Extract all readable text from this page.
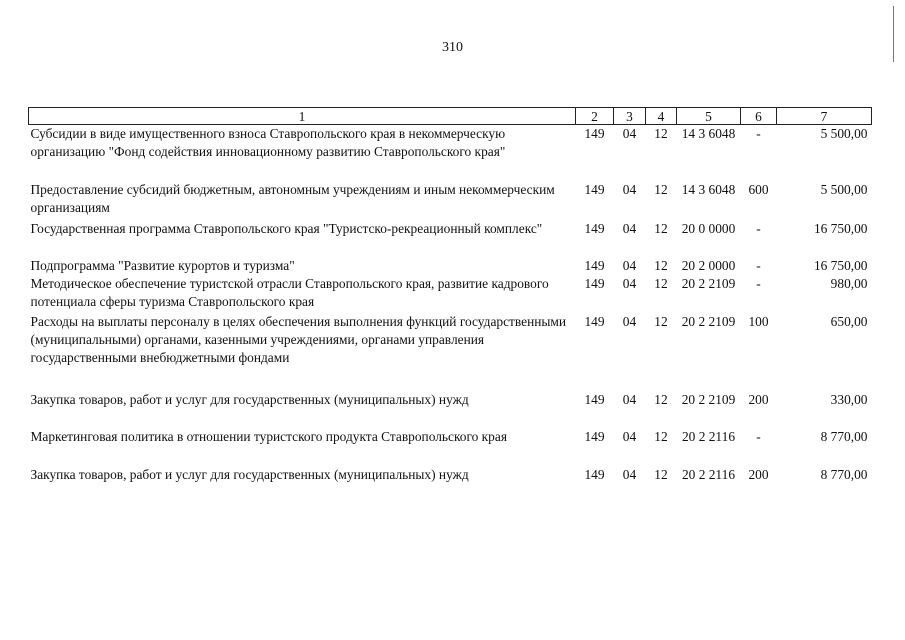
310
1	2	3	4	5	6	7
Субсидии в виде имущественного взноса Ставропольского края в некоммерческую организацию "Фонд содействия инновационному развитию Ставропольского края"	149	04	12	14 3 6048	-	5 500,00
Предоставление субсидий бюджетным, автономным учреждениям и иным некоммерческим организациям	149	04	12	14 3 6048	600	5 500,00
Государственная программа Ставропольского края "Туристско-рекреационный комплекс"	149	04	12	20 0 0000	-	16 750,00
Подпрограмма "Развитие курортов и туризма"	149	04	12	20 2 0000	-	16 750,00
Методическое обеспечение туристской отрасли Ставропольского края, развитие кадрового потенциала сферы туризма Ставропольского края	149	04	12	20 2 2109	-	980,00
Расходы на выплаты персоналу в целях обеспечения выполнения функций государственными (муниципальными) органами, казенными учреждениями, органами управления государственными внебюджетными фондами	149	04	12	20 2 2109	100	650,00
Закупка товаров, работ и услуг для государственных (муниципальных) нужд	149	04	12	20 2 2109	200	330,00
Маркетинговая политика в отношении туристского продукта Ставропольского края	149	04	12	20 2 2116	-	8 770,00
Закупка товаров, работ и услуг для государственных (муниципальных) нужд	149	04	12	20 2 2116	200	8 770,00
